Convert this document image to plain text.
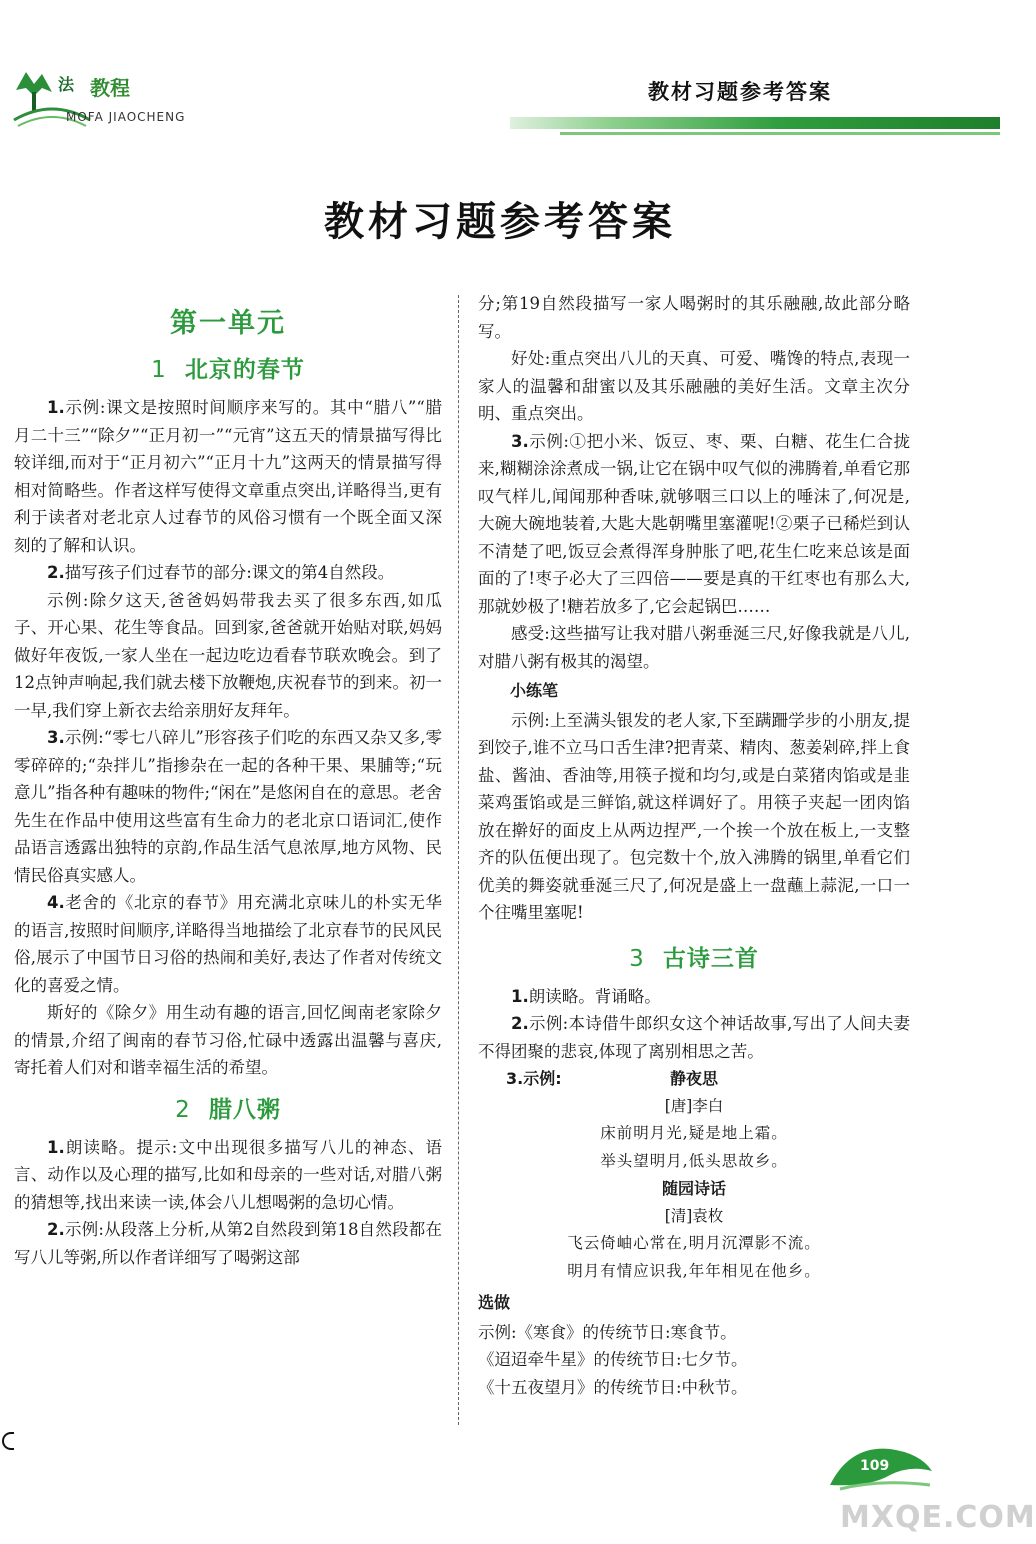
法 教程
MOFA JIAOCHENG
教材习题参考答案
教材习题参考答案
第一单元
1 北京的春节

1.示例:课文是按照时间顺序来写的。其中“腊八”“腊月二十三”“除夕”“正月初一”“元宵”这五天的情景描写得比较详细,而对于“正月初六”“正月十九”这两天的情景描写得相对简略些。作者这样写使得文章重点突出,详略得当,更有利于读者对老北京人过春节的风俗习惯有一个既全面又深刻的了解和认识。

2.描写孩子们过春节的部分:课文的第4自然段。

示例:除夕这天,爸爸妈妈带我去买了很多东西,如瓜子、开心果、花生等食品。回到家,爸爸就开始贴对联,妈妈做好年夜饭,一家人坐在一起边吃边看春节联欢晚会。到了12点钟声响起,我们就去楼下放鞭炮,庆祝春节的到来。初一一早,我们穿上新衣去给亲朋好友拜年。

3.示例:“零七八碎儿”形容孩子们吃的东西又杂又多,零零碎碎的;“杂拌儿”指掺杂在一起的各种干果、果脯等;“玩意儿”指各种有趣味的物件;“闲在”是悠闲自在的意思。老舍先生在作品中使用这些富有生命力的老北京口语词汇,使作品语言透露出独特的京韵,作品生活气息浓厚,地方风物、民情民俗真实感人。

4.老舍的《北京的春节》用充满北京味儿的朴实无华的语言,按照时间顺序,详略得当地描绘了北京春节的民风民俗,展示了中国节日习俗的热闹和美好,表达了作者对传统文化的喜爱之情。

斯好的《除夕》用生动有趣的语言,回忆闽南老家除夕的情景,介绍了闽南的春节习俗,忙碌中透露出温馨与喜庆,寄托着人们对和谐幸福生活的希望。

2 腊八粥

1.朗读略。提示:文中出现很多描写八儿的神态、语言、动作以及心理的描写,比如和母亲的一些对话,对腊八粥的猜想等,找出来读一读,体会八儿想喝粥的急切心情。

2.示例:从段落上分析,从第2自然段到第18自然段都在写八儿等粥,所以作者详细写了喝粥这部

分;第19自然段描写一家人喝粥时的其乐融融,故此部分略写。

好处:重点突出八儿的天真、可爱、嘴馋的特点,表现一家人的温馨和甜蜜以及其乐融融的美好生活。文章主次分明、重点突出。

3.示例:①把小米、饭豆、枣、栗、白糖、花生仁合拢来,糊糊涂涂煮成一锅,让它在锅中叹气似的沸腾着,单看它那叹气样儿,闻闻那种香味,就够咽三口以上的唾沫了,何况是,大碗大碗地装着,大匙大匙朝嘴里塞灌呢!②栗子已稀烂到认不清楚了吧,饭豆会煮得浑身肿胀了吧,花生仁吃来总该是面面的了!枣子必大了三四倍——要是真的干红枣也有那么大,那就妙极了!糖若放多了,它会起锅巴……

感受:这些描写让我对腊八粥垂涎三尺,好像我就是八儿,对腊八粥有极其的渴望。

小练笔

示例:上至满头银发的老人家,下至蹒跚学步的小朋友,提到饺子,谁不立马口舌生津?把青菜、精肉、葱姜剁碎,拌上食盐、酱油、香油等,用筷子搅和均匀,或是白菜猪肉馅或是韭菜鸡蛋馅或是三鲜馅,就这样调好了。用筷子夹起一团肉馅放在擀好的面皮上从两边捏严,一个挨一个放在板上,一支整齐的队伍便出现了。包完数十个,放入沸腾的锅里,单看它们优美的舞姿就垂涎三尺了,何况是盛上一盘蘸上蒜泥,一口一个往嘴里塞呢!

3 古诗三首

1.朗读略。背诵略。

2.示例:本诗借牛郎织女这个神话故事,写出了人间夫妻不得团聚的悲哀,体现了离别相思之苦。

3.示例:	静夜思
[唐]李白
床前明月光,疑是地上霜。
举头望明月,低头思故乡。
随园诗话
[清]袁枚
飞云倚岫心常在,明月沉潭影不流。
明月有情应识我,年年相见在他乡。
选做
示例:《寒食》的传统节日:寒食节。
《迢迢牵牛星》的传统节日:七夕节。
《十五夜望月》的传统节日:中秋节。
109
MXQE.COM
